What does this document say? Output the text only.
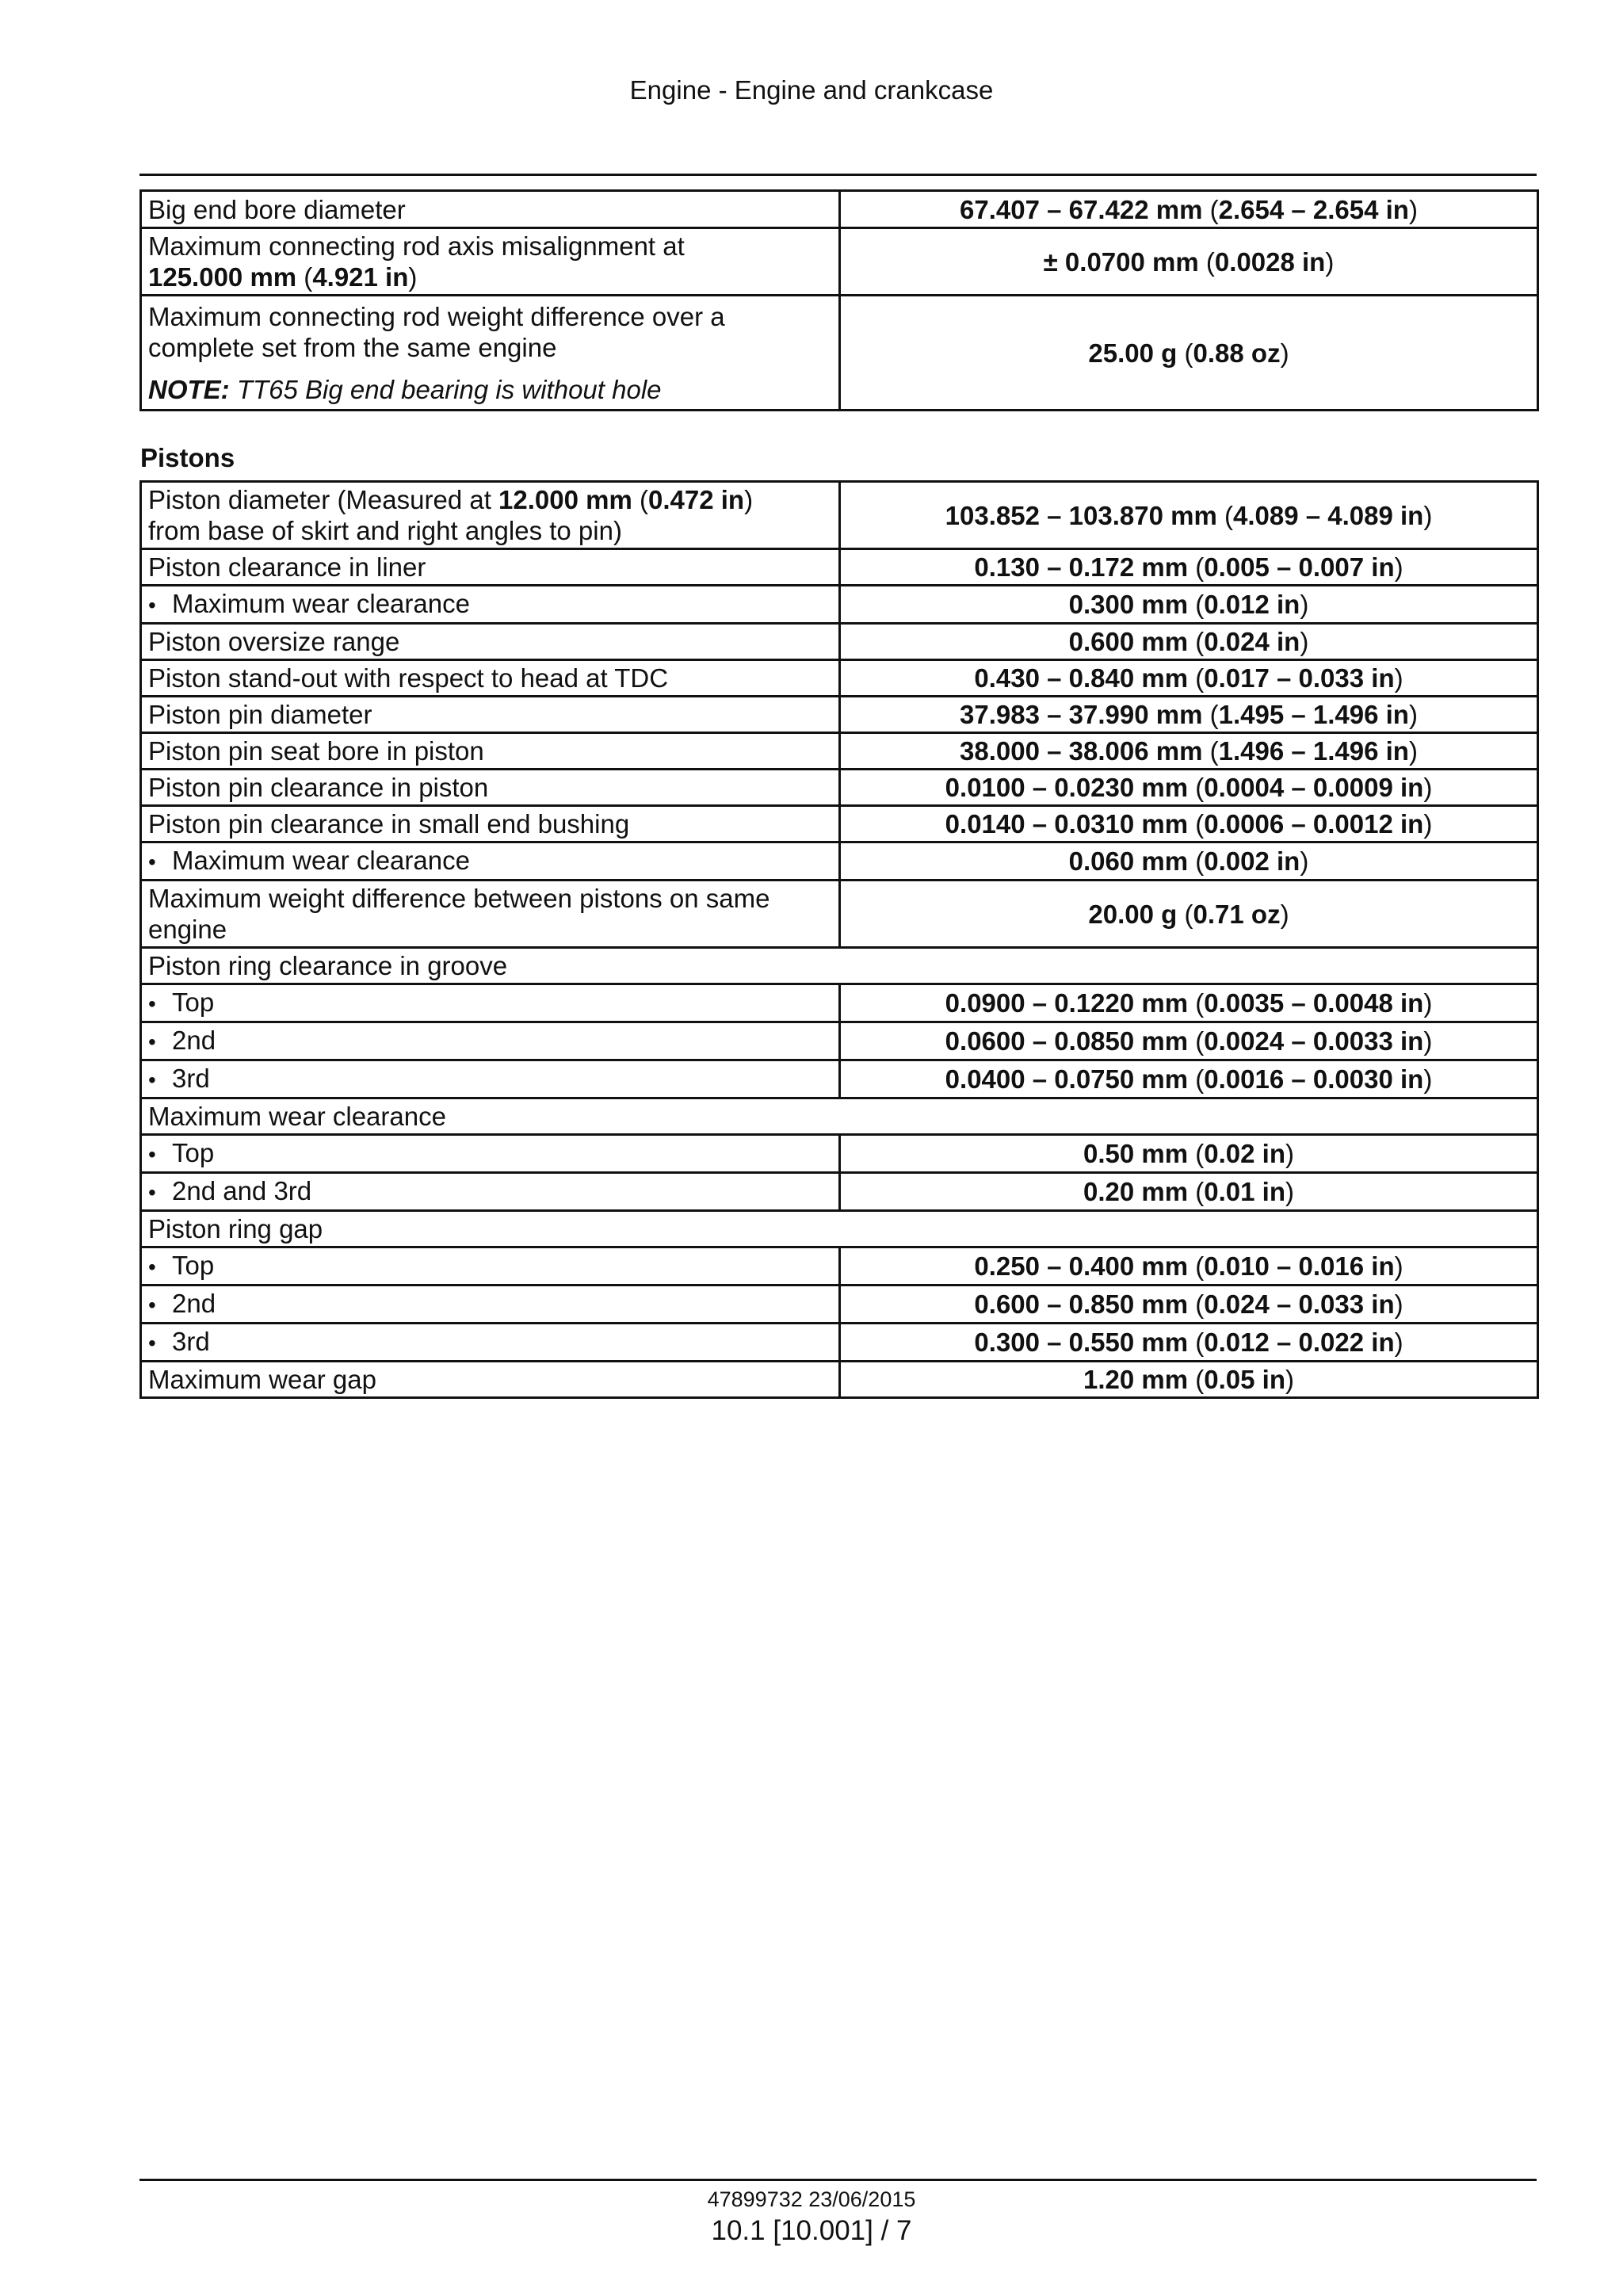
Engine - Engine and crankcase
Big end bore diameter	67.407 – 67.422 mm (2.654 – 2.654 in)
Maximum connecting rod axis misalignment at
125.000 mm (4.921 in)	± 0.0700 mm (0.0028 in)
Maximum connecting rod weight difference over a complete set from the same engine
NOTE: TT65 Big end bearing is without hole	25.00 g (0.88 oz)
Pistons
Piston diameter (Measured at 12.000 mm (0.472 in)
from base of skirt and right angles to pin)	103.852 – 103.870 mm (4.089 – 4.089 in)
Piston clearance in liner	0.130 – 0.172 mm (0.005 – 0.007 in)
• Maximum wear clearance	0.300 mm (0.012 in)
Piston oversize range	0.600 mm (0.024 in)
Piston stand-out with respect to head at TDC	0.430 – 0.840 mm (0.017 – 0.033 in)
Piston pin diameter	37.983 – 37.990 mm (1.495 – 1.496 in)
Piston pin seat bore in piston	38.000 – 38.006 mm (1.496 – 1.496 in)
Piston pin clearance in piston	0.0100 – 0.0230 mm (0.0004 – 0.0009 in)
Piston pin clearance in small end bushing	0.0140 – 0.0310 mm (0.0006 – 0.0012 in)
• Maximum wear clearance	0.060 mm (0.002 in)
Maximum weight difference between pistons on same engine	20.00 g (0.71 oz)
Piston ring clearance in groove	
• Top	0.0900 – 0.1220 mm (0.0035 – 0.0048 in)
• 2nd	0.0600 – 0.0850 mm (0.0024 – 0.0033 in)
• 3rd	0.0400 – 0.0750 mm (0.0016 – 0.0030 in)
Maximum wear clearance	
• Top	0.50 mm (0.02 in)
• 2nd and 3rd	0.20 mm (0.01 in)
Piston ring gap	
• Top	0.250 – 0.400 mm (0.010 – 0.016 in)
• 2nd	0.600 – 0.850 mm (0.024 – 0.033 in)
• 3rd	0.300 – 0.550 mm (0.012 – 0.022 in)
Maximum wear gap	1.20 mm (0.05 in)
47899732 23/06/2015
10.1 [10.001] / 7
